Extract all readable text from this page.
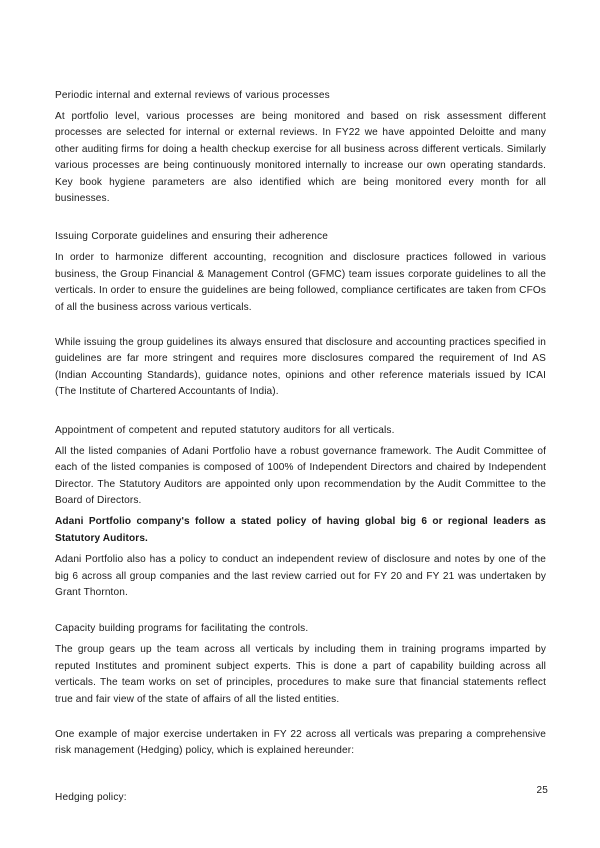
Periodic internal and external reviews of various processes

At portfolio level, various processes are being monitored and based on risk assessment different processes are selected for internal or external reviews. In FY22 we have appointed Deloitte and many other auditing firms for doing a health checkup exercise for all business across different verticals. Similarly various processes are being continuously monitored internally to increase our own operating standards. Key book hygiene parameters are also identified which are being monitored every month for all businesses.

Issuing Corporate guidelines and ensuring their adherence

In order to harmonize different accounting, recognition and disclosure practices followed in various business, the Group Financial & Management Control (GFMC) team issues corporate guidelines to all the verticals. In order to ensure the guidelines are being followed, compliance certificates are taken from CFOs of all the business across various verticals.

While issuing the group guidelines its always ensured that disclosure and accounting practices specified in guidelines are far more stringent and requires more disclosures compared the requirement of Ind AS (Indian Accounting Standards), guidance notes, opinions and other reference materials issued by ICAI (The Institute of Chartered Accountants of India).

Appointment of competent and reputed statutory auditors for all verticals.

All the listed companies of Adani Portfolio have a robust governance framework. The Audit Committee of each of the listed companies is composed of 100% of Independent Directors and chaired by Independent Director. The Statutory Auditors are appointed only upon recommendation by the Audit Committee to the Board of Directors.

Adani Portfolio company's follow a stated policy of having global big 6 or regional leaders as Statutory Auditors.

Adani Portfolio also has a policy to conduct an independent review of disclosure and notes by one of the big 6 across all group companies and the last review carried out for FY 20 and FY 21 was undertaken by Grant Thornton.

Capacity building programs for facilitating the controls.

The group gears up the team across all verticals by including them in training programs imparted by reputed Institutes and prominent subject experts. This is done a part of capability building across all verticals. The team works on set of principles, procedures to make sure that financial statements reflect true and fair view of the state of affairs of all the listed entities.

One example of major exercise undertaken in FY 22 across all verticals was preparing a comprehensive risk management (Hedging) policy, which is explained hereunder:

Hedging policy:

25
